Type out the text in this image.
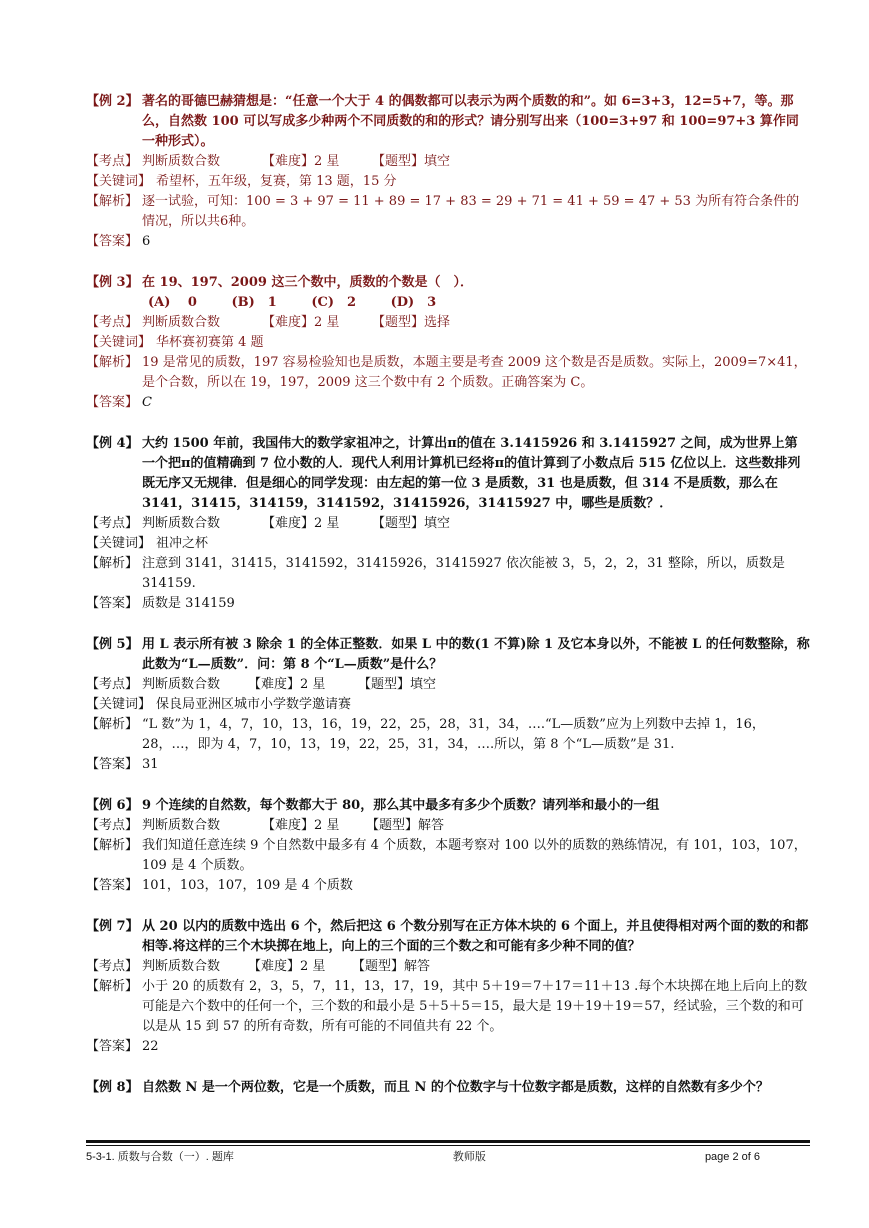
【例 2】 著名的哥德巴赫猜想是：“任意一个大于 4 的偶数都可以表示为两个质数的和”。如 6=3+3，12=5+7，等。那么，自然数 100 可以写成多少种两个不同质数的和的形式？请分别写出来（100=3+97 和 100=97+3 算作同一种形式）。
【考点】 判断质数合数	【难度】2 星	【题型】填空
【关键词】 希望杯，五年级，复赛，第 13 题，15 分
【解析】 逐一试验，可知：100 = 3 + 97 = 11 + 89 = 17 + 83 = 29 + 71 = 41 + 59 = 47 + 53 为所有符合条件的情况，所以共6种。
【答案】 6
【例 3】 在 19、197、2009 这三个数中，质数的个数是（　）．
(A)　 0	(B)　1	(C)　2	(D)　3
【考点】 判断质数合数	【难度】2 星	【题型】选择
【关键词】 华杯赛初赛第 4 题
【解析】 19 是常见的质数，197 容易检验知也是质数，本题主要是考查 2009 这个数是否是质数。实际上，2009=7×41，是个合数，所以在 19，197，2009 这三个数中有 2 个质数。正确答案为 C。
【答案】 C
【例 4】 大约 1500 年前，我国伟大的数学家祖冲之，计算出π的值在 3.1415926 和 3.1415927 之间，成为世界上第一个把π的值精确到 7 位小数的人．现代人利用计算机已经将π的值计算到了小数点后 515 亿位以上．这些数排列既无序又无规律．但是细心的同学发现：由左起的第一位 3 是质数，31 也是质数，但 314 不是质数，那么在 3141，31415，314159，3141592，31415926，31415927 中，哪些是质数？．
【考点】 判断质数合数	【难度】2 星	【题型】填空
【关键词】 祖冲之杯
【解析】 注意到 3141，31415，3141592，31415926，31415927 依次能被 3，5，2，2，31 整除，所以，质数是 314159.
【答案】 质数是 314159
【例 5】 用 L 表示所有被 3 除余 1 的全体正整数．如果 L 中的数(1 不算)除 1 及它本身以外，不能被 L 的任何数整除，称此数为“L—质数”．问：第 8 个“L—质数”是什么？
【考点】 判断质数合数 【难度】2 星	【题型】填空
【关键词】 保良局亚洲区城市小学数学邀请赛
【解析】 “L 数”为 1，4，7，10，13，16，19，22，25，28，31，34，….“L—质数”应为上列数中去掉 1，16，28，…，即为 4，7，10，13，19，22，25，31，34，….所以，第 8 个“L—质数”是 31.
【答案】 31
【例 6】 9 个连续的自然数，每个数都大于 80，那么其中最多有多少个质数？请列举和最小的一组
【考点】 判断质数合数	【难度】2 星 【题型】解答
【解析】 我们知道任意连续 9 个自然数中最多有 4 个质数，本题考察对 100 以外的质数的熟练情况，有 101，103，107，109 是 4 个质数。
【答案】 101，103，107，109 是 4 个质数
【例 7】 从 20 以内的质数中选出 6 个，然后把这 6 个数分别写在正方体木块的 6 个面上，并且使得相对两个面的数的和都相等.将这样的三个木块掷在地上，向上的三个面的三个数之和可能有多少种不同的值？
【考点】 判断质数合数 【难度】2 星 【题型】解答
【解析】 小于 20 的质数有 2，3，5，7，11，13，17，19，其中 5＋19＝7＋17＝11＋13 .每个木块掷在地上后向上的数可能是六个数中的任何一个，三个数的和最小是 5＋5＋5＝15，最大是 19＋19＋19＝57，经试验，三个数的和可以是从 15 到 57 的所有奇数，所有可能的不同值共有 22 个。
【答案】 22
【例 8】 自然数 N 是一个两位数，它是一个质数，而且 N 的个位数字与十位数字都是质数，这样的自然数有多少个？
5-3-1. 质数与合数（一）. 题库	教师版	page 2 of 6
